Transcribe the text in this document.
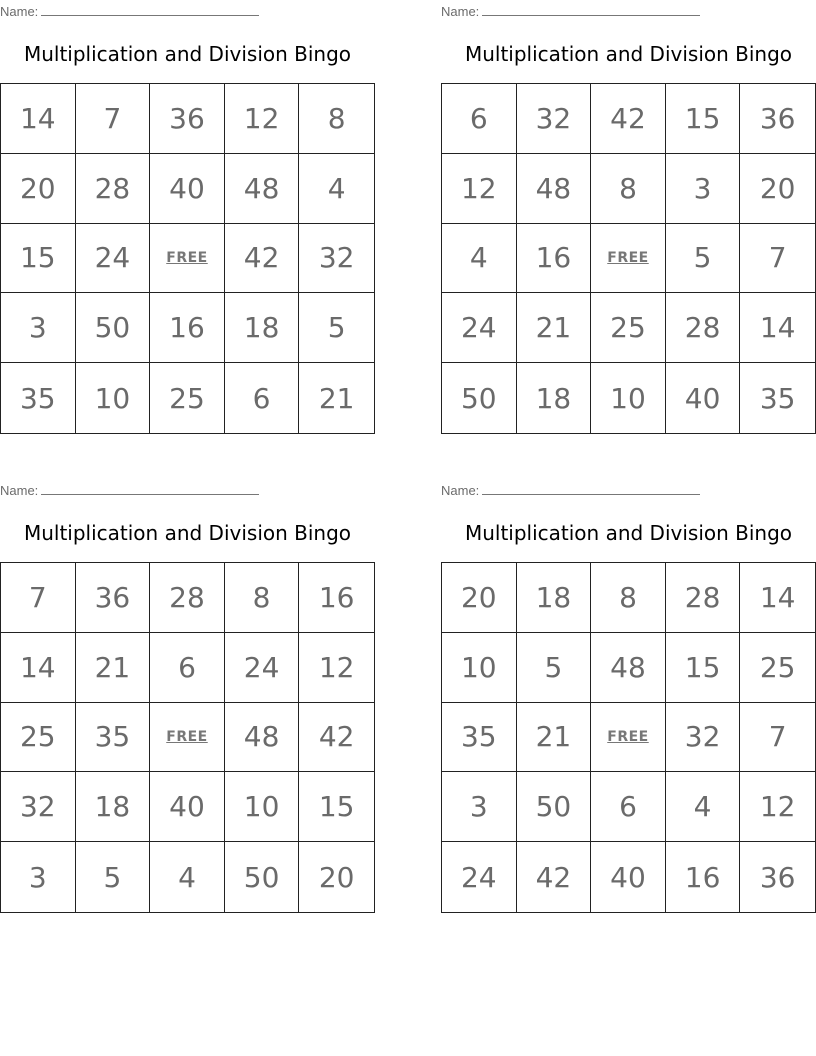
Name:
Multiplication and Division Bingo
14	7	36	12	8
20	28	40	48	4
15	24	FREE	42	32
3	50	16	18	5
35	10	25	6	21
Name:
Multiplication and Division Bingo
6	32	42	15	36
12	48	8	3	20
4	16	FREE	5	7
24	21	25	28	14
50	18	10	40	35
Name:
Multiplication and Division Bingo
7	36	28	8	16
14	21	6	24	12
25	35	FREE	48	42
32	18	40	10	15
3	5	4	50	20
Name:
Multiplication and Division Bingo
20	18	8	28	14
10	5	48	15	25
35	21	FREE	32	7
3	50	6	4	12
24	42	40	16	36
